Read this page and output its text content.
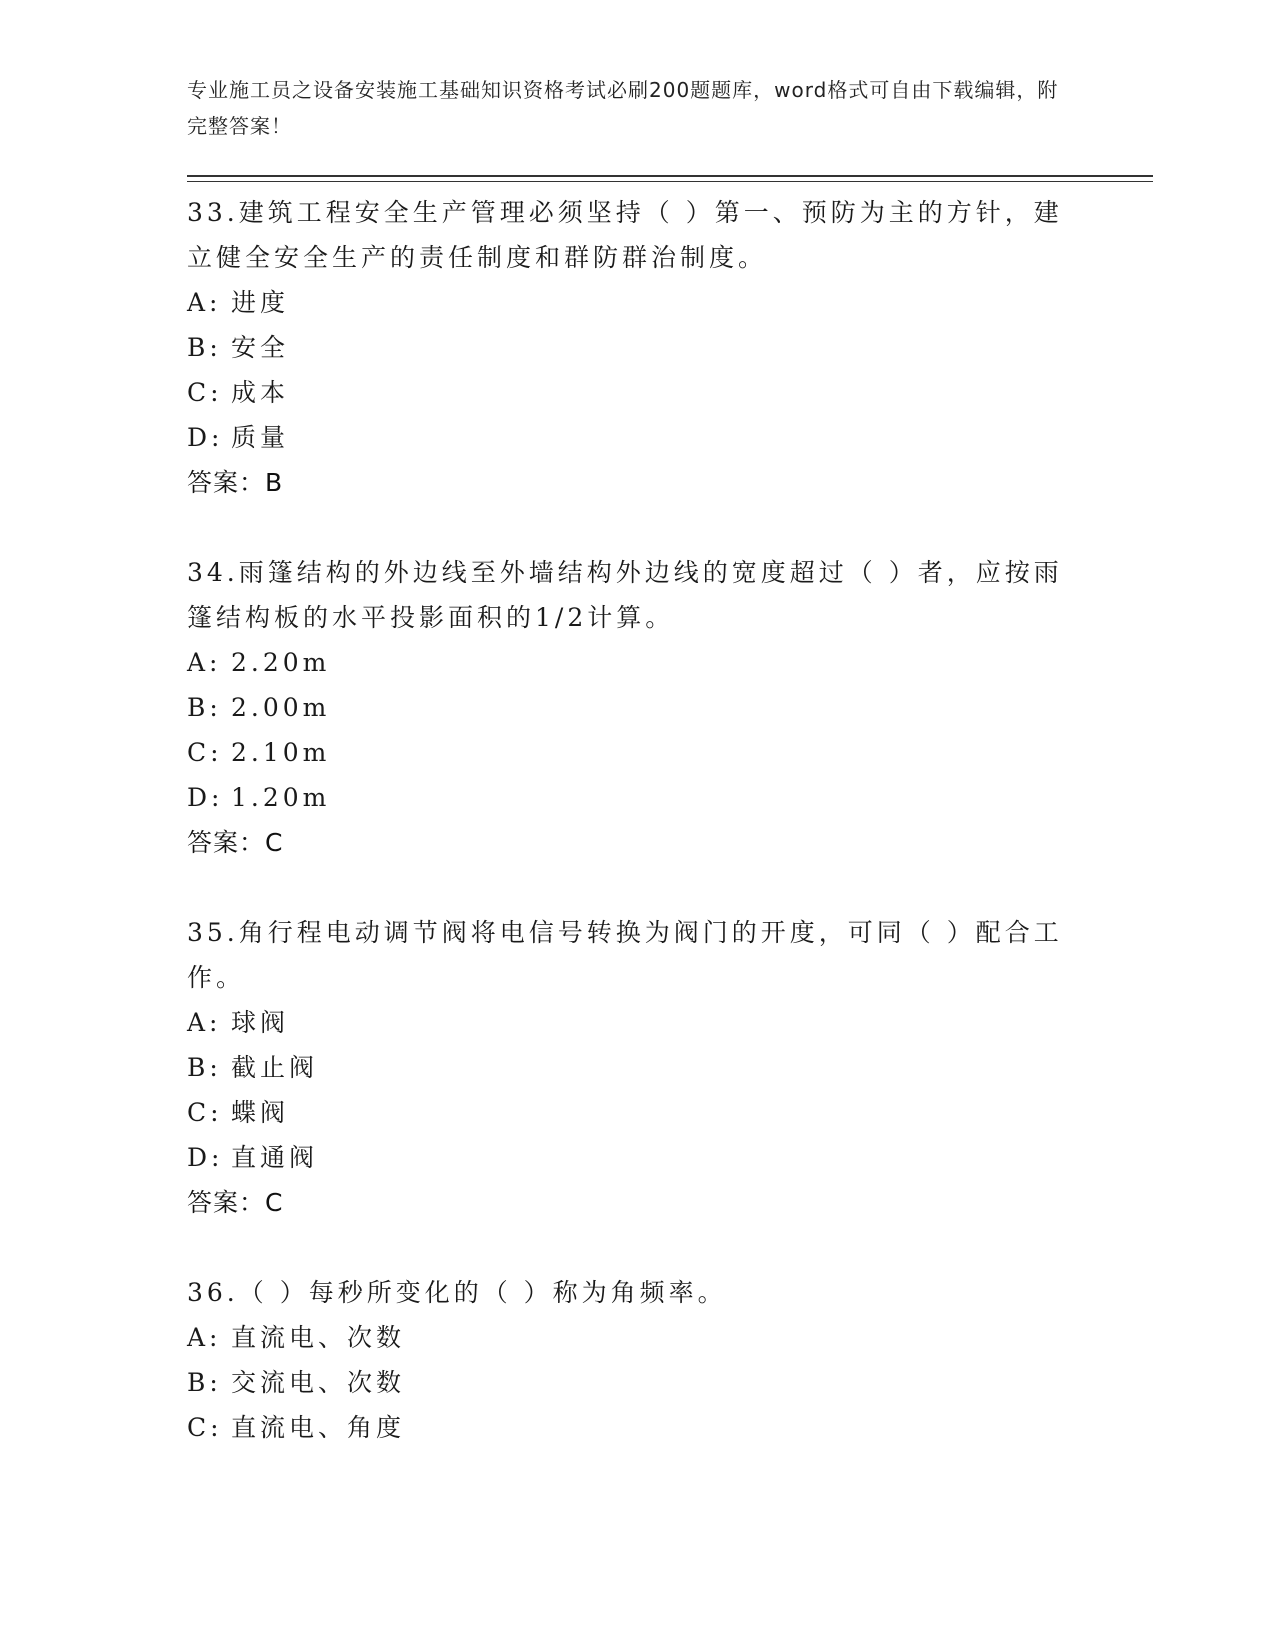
专业施工员之设备安装施工基础知识资格考试必刷200题题库，word格式可自由下载编辑，附完整答案！

33.建筑工程安全生产管理必须坚持（ ）第一、预防为主的方针，建立健全安全生产的责任制度和群防群治制度。

A: 进度

B: 安全

C: 成本

D: 质量

答案：B

34.雨篷结构的外边线至外墙结构外边线的宽度超过（ ）者，应按雨篷结构板的水平投影面积的1/2计算。

A: 2.20m

B: 2.00m

C: 2.10m

D: 1.20m

答案：C

35.角行程电动调节阀将电信号转换为阀门的开度，可同（ ）配合工作。

A: 球阀

B: 截止阀

C: 蝶阀

D: 直通阀

答案：C

36.（ ）每秒所变化的（ ）称为角频率。

A: 直流电、次数

B: 交流电、次数

C: 直流电、角度
